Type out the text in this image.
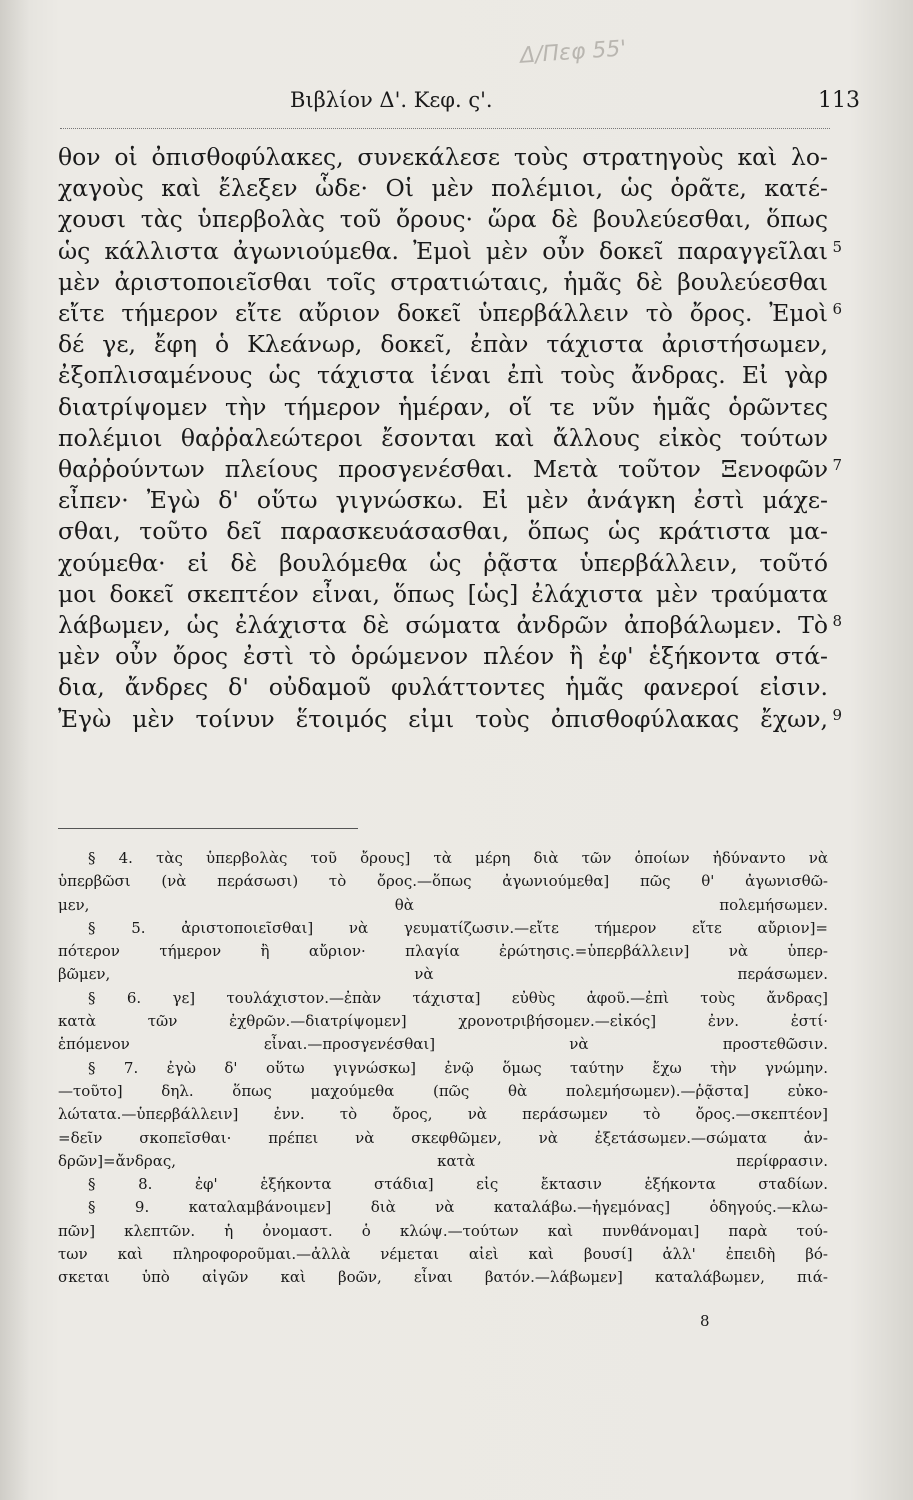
Δ/Πεφ 55'
Βιβλίον Δ'. Κεφ. ς'.	113
θον οἱ ὀπισθοφύλακες, συνεκάλεσε τοὺς στρατηγοὺς καὶ λο-
χαγοὺς καὶ ἔλεξεν ὧδε· Οἱ μὲν πολέμιοι, ὡς ὁρᾶτε, κατέ-
χουσι τὰς ὑπερβολὰς τοῦ ὄρους· ὥρα δὲ βουλεύεσθαι, ὅπως
ὡς κάλλιστα ἀγωνιούμεθα. Ἐμοὶ μὲν οὖν δοκεῖ παραγγεῖλαι 5
μὲν ἀριστοποιεῖσθαι τοῖς στρατιώταις, ἡμᾶς δὲ βουλεύεσθαι
εἴτε τήμερον εἴτε αὔριον δοκεῖ ὑπερβάλλειν τὸ ὄρος. Ἐμοὶ 6
δέ γε, ἔφη ὁ Κλεάνωρ, δοκεῖ, ἐπὰν τάχιστα ἀριστήσωμεν,
ἐξοπλισαμένους ὡς τάχιστα ἰέναι ἐπὶ τοὺς ἄνδρας. Εἰ γὰρ
διατρίψομεν τὴν τήμερον ἡμέραν, οἵ τε νῦν ἡμᾶς ὁρῶντες
πολέμιοι θαῤῥαλεώτεροι ἔσονται καὶ ἄλλους εἰκὸς τούτων
θαῤῥούντων πλείους προσγενέσθαι. Μετὰ τοῦτον Ξενοφῶν 7
εἶπεν· Ἐγὼ δ' οὕτω γιγνώσκω. Εἰ μὲν ἀνάγκη ἐστὶ μάχε-
σθαι, τοῦτο δεῖ παρασκευάσασθαι, ὅπως ὡς κράτιστα μα-
χούμεθα· εἰ δὲ βουλόμεθα ὡς ῥᾷστα ὑπερβάλλειν, τοῦτό
μοι δοκεῖ σκεπτέον εἶναι, ὅπως [ὡς] ἐλάχιστα μὲν τραύματα
λάβωμεν, ὡς ἐλάχιστα δὲ σώματα ἀνδρῶν ἀποβάλωμεν. Τὸ 8
μὲν οὖν ὄρος ἐστὶ τὸ ὁρώμενον πλέον ἢ ἐφ' ἑξήκοντα στά-
δια, ἄνδρες δ' οὐδαμοῦ φυλάττοντες ἡμᾶς φανεροί εἰσιν.
Ἐγὼ μὲν τοίνυν ἕτοιμός εἰμι τοὺς ὀπισθοφύλακας ἔχων, 9
§ 4. τὰς ὑπερβολὰς τοῦ ὄρους] τὰ μέρη διὰ τῶν ὁποίων ἠδύναντο νὰ
ὑπερβῶσι (νὰ περάσωσι) τὸ ὄρος.—ὅπως ἀγωνιούμεθα] πῶς θ' ἀγωνισθῶ-
μεν, θὰ πολεμήσωμεν.
§ 5. ἀριστοποιεῖσθαι] νὰ γευματίζωσιν.—εἴτε τήμερον εἴτε αὔριον]=
πότερον τήμερον ἢ αὔριον· πλαγία ἐρώτησις.=ὑπερβάλλειν] νὰ ὑπερ-
βῶμεν, νὰ περάσωμεν.
§ 6. γε] τουλάχιστον.—ἐπὰν τάχιστα] εὐθὺς ἀφοῦ.—ἐπὶ τοὺς ἄνδρας]
κατὰ τῶν ἐχθρῶν.—διατρίψομεν] χρονοτριβήσομεν.—εἰκός] ἐνν. ἐστί·
ἑπόμενον εἶναι.—προσγενέσθαι] νὰ προστεθῶσιν.
§ 7. ἐγὼ δ' οὕτω γιγνώσκω] ἐνῷ ὅμως ταύτην ἔχω τὴν γνώμην.
—τοῦτο] δηλ. ὅπως μαχούμεθα (πῶς θὰ πολεμήσωμεν).—ῥᾷστα] εὐκο-
λώτατα.—ὑπερβάλλειν] ἐνν. τὸ ὄρος, νὰ περάσωμεν τὸ ὄρος.—σκεπτέον]
=δεῖν σκοπεῖσθαι· πρέπει νὰ σκεφθῶμεν, νὰ ἐξετάσωμεν.—σώματα ἀν-
δρῶν]=ἄνδρας, κατὰ περίφρασιν.
§ 8. ἐφ' ἑξήκοντα στάδια] εἰς ἔκτασιν ἑξήκοντα σταδίων.
§ 9. καταλαμβάνοιμεν] διὰ νὰ καταλάβω.—ἡγεμόνας] ὁδηγούς.—κλω-
πῶν] κλεπτῶν. ἡ ὀνομαστ. ὁ κλώψ.—τούτων καὶ πυνθάνομαι] παρὰ τού-
των καὶ πληροφοροῦμαι.—ἀλλὰ νέμεται αἰεὶ καὶ βουσί] ἀλλ' ἐπειδὴ βό-
σκεται ὑπὸ αἰγῶν καὶ βοῶν, εἶναι βατόν.—λάβωμεν] καταλάβωμεν, πιά-
8
